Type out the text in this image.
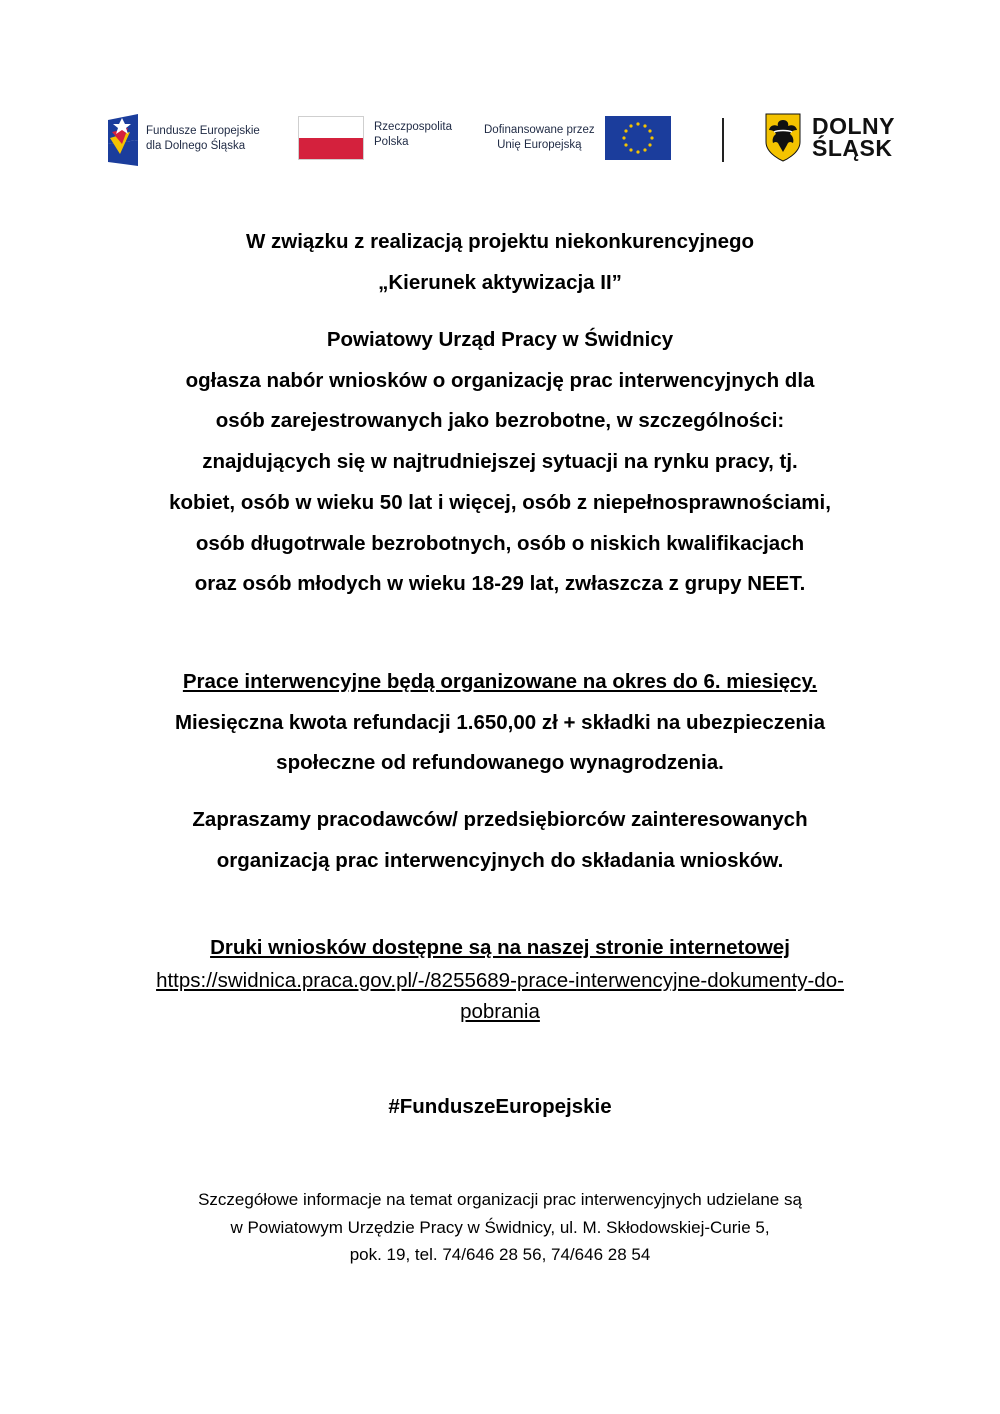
Fundusze Europejskie
dla Dolnego Śląska
Rzeczpospolita
Polska
Dofinansowane przez
Unię Europejską
DOLNY
ŚLĄSK

W związku z realizacją projektu niekonkurencyjnego

„Kierunek aktywizacja II”

Powiatowy Urząd Pracy w Świdnicy

ogłasza nabór wniosków o organizację prac interwencyjnych dla

osób zarejestrowanych jako bezrobotne, w szczególności:

znajdujących się w najtrudniejszej sytuacji na rynku pracy, tj.

kobiet, osób w wieku 50 lat i więcej, osób z niepełnosprawnościami,

osób długotrwale bezrobotnych, osób o niskich kwalifikacjach

oraz osób młodych w wieku 18-29 lat, zwłaszcza z grupy NEET.

Prace interwencyjne będą organizowane na okres do 6. miesięcy.

Miesięczna kwota refundacji 1.650,00 zł + składki na ubezpieczenia

społeczne od refundowanego wynagrodzenia.

Zapraszamy pracodawców/ przedsiębiorców zainteresowanych

organizacją prac interwencyjnych do składania wniosków.

Druki wniosków dostępne są na naszej stronie internetowej

https://swidnica.praca.gov.pl/-/8255689-prace-interwencyjne-dokumenty-do-
pobrania

#FunduszeEuropejskie

Szczegółowe informacje na temat organizacji prac interwencyjnych udzielane są

w Powiatowym Urzędzie Pracy w Świdnicy, ul. M. Skłodowskiej-Curie 5,

pok. 19, tel. 74/646 28 56, 74/646 28 54
